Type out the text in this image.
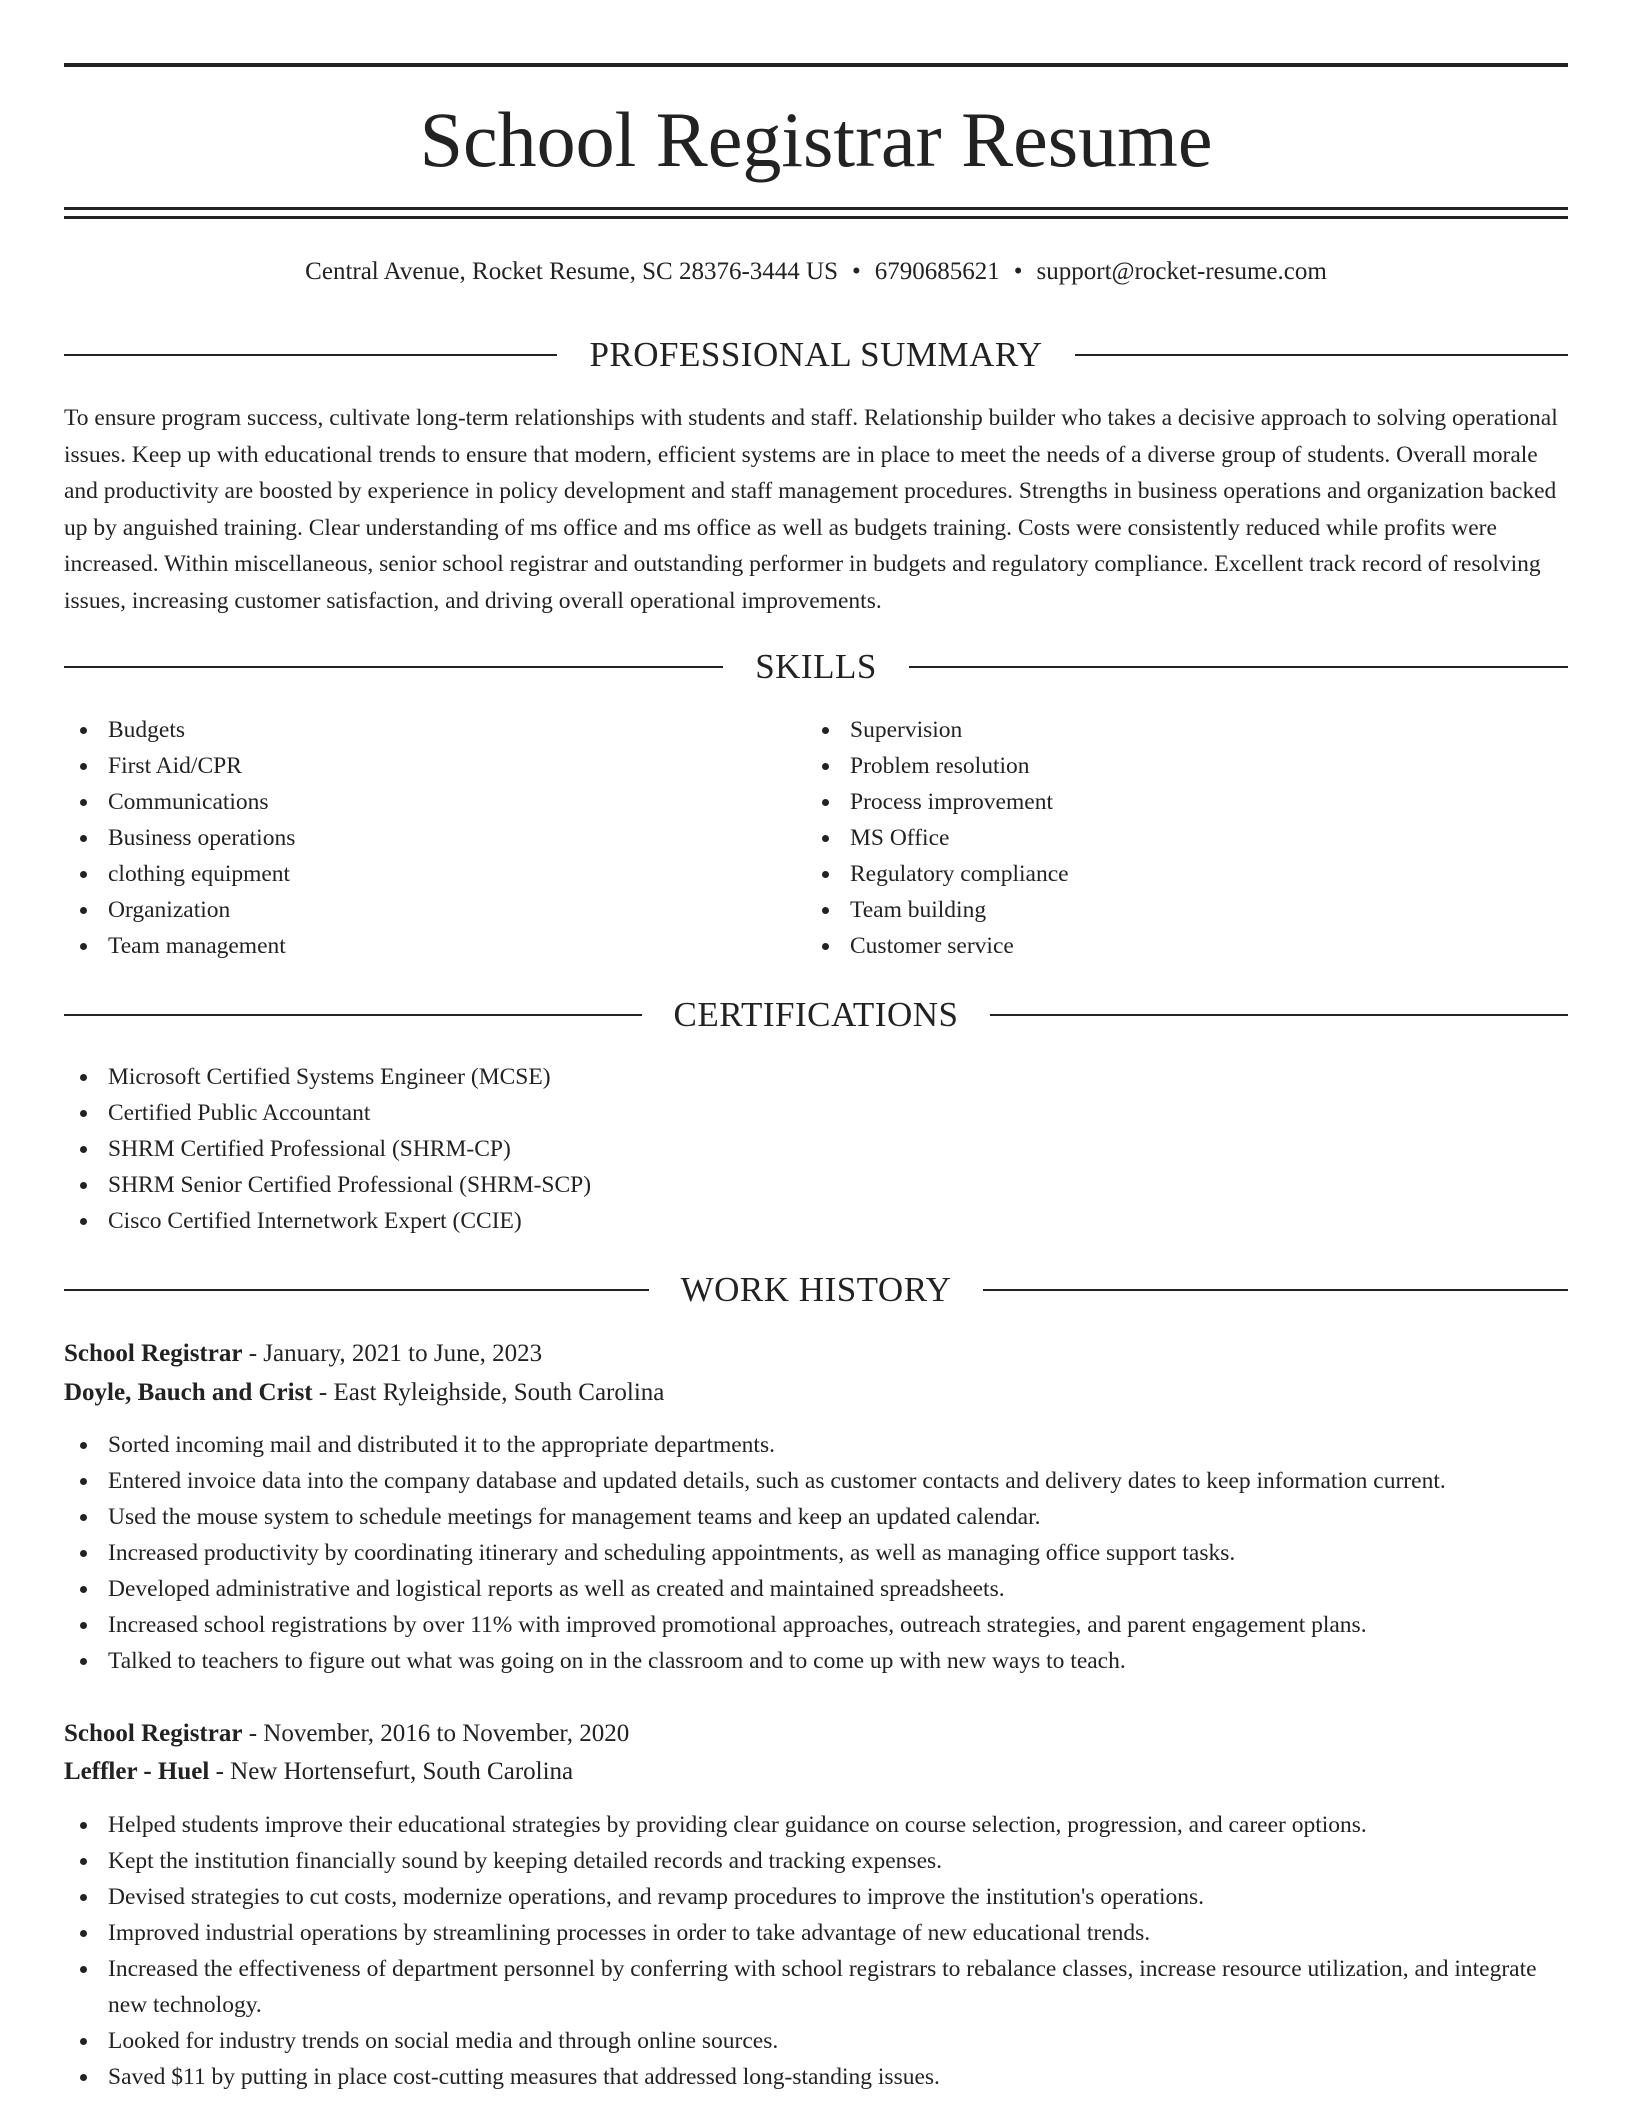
School Registrar Resume
Central Avenue, Rocket Resume, SC 28376-3444 US • 6790685621 • support@rocket-resume.com
PROFESSIONAL SUMMARY

To ensure program success, cultivate long-term relationships with students and staff. Relationship builder who takes a decisive approach to solving operational issues. Keep up with educational trends to ensure that modern, efficient systems are in place to meet the needs of a diverse group of students. Overall morale and productivity are boosted by experience in policy development and staff management procedures. Strengths in business operations and organization backed up by anguished training. Clear understanding of ms office and ms office as well as budgets training. Costs were consistently reduced while profits were increased. Within miscellaneous, senior school registrar and outstanding performer in budgets and regulatory compliance. Excellent track record of resolving issues, increasing customer satisfaction, and driving overall operational improvements.

SKILLS
Budgets
First Aid/CPR
Communications
Business operations
clothing equipment
Organization
Team management
Supervision
Problem resolution
Process improvement
MS Office
Regulatory compliance
Team building
Customer service
CERTIFICATIONS
Microsoft Certified Systems Engineer (MCSE)
Certified Public Accountant
SHRM Certified Professional (SHRM-CP)
SHRM Senior Certified Professional (SHRM-SCP)
Cisco Certified Internetwork Expert (CCIE)
WORK HISTORY
School Registrar - January, 2021 to June, 2023
Doyle, Bauch and Crist - East Ryleighside, South Carolina
Sorted incoming mail and distributed it to the appropriate departments.
Entered invoice data into the company database and updated details, such as customer contacts and delivery dates to keep information current.
Used the mouse system to schedule meetings for management teams and keep an updated calendar.
Increased productivity by coordinating itinerary and scheduling appointments, as well as managing office support tasks.
Developed administrative and logistical reports as well as created and maintained spreadsheets.
Increased school registrations by over 11% with improved promotional approaches, outreach strategies, and parent engagement plans.
Talked to teachers to figure out what was going on in the classroom and to come up with new ways to teach.
School Registrar - November, 2016 to November, 2020
Leffler - Huel - New Hortensefurt, South Carolina
Helped students improve their educational strategies by providing clear guidance on course selection, progression, and career options.
Kept the institution financially sound by keeping detailed records and tracking expenses.
Devised strategies to cut costs, modernize operations, and revamp procedures to improve the institution's operations.
Improved industrial operations by streamlining processes in order to take advantage of new educational trends.
Increased the effectiveness of department personnel by conferring with school registrars to rebalance classes, increase resource utilization, and integrate new technology.
Looked for industry trends on social media and through online sources.
Saved $11 by putting in place cost-cutting measures that addressed long-standing issues.
